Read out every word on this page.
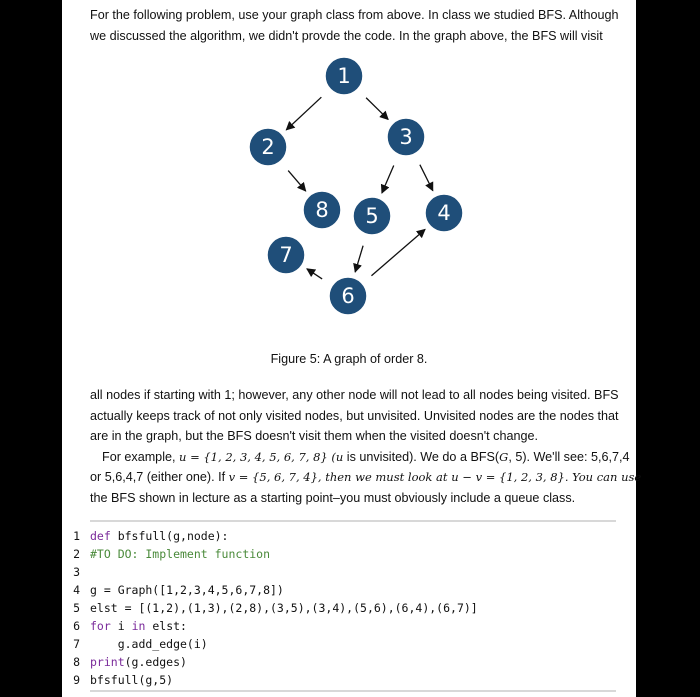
For the following problem, use your graph class from above. In class we studied BFS. Although
we discussed the algorithm, we didn't provde the code. In the graph above, the BFS will visit
1
2	3
4
5
6
7
8
Figure 5: A graph of order 8.
all nodes if starting with 1; however, any other node will not lead to all nodes being visited. BFS
actually keeps track of not only visited nodes, but unvisited. Unvisited nodes are the nodes that
are in the graph, but the BFS doesn't visit them when the visited doesn't change.
For example, u = {1, 2, 3, 4, 5, 6, 7, 8} (u is unvisited). We do a BFS(G, 5). We'll see: 5,6,7,4
or 5,6,4,7 (either one). If v = {5, 6, 7, 4}, then we must look at u − v = {1, 2, 3, 8}. You can use
the BFS shown in lecture as a starting point–you must obviously include a queue class.
1 def bfsfull(g,node):
2 #TO DO: Implement function
3
4 g = Graph([1,2,3,4,5,6,7,8])
5 elst = [(1,2),(1,3),(2,8),(3,5),(3,4),(5,6),(6,4),(6,7)]
6 for i in elst:
7 g.add_edge(i)
8 print(g.edges)
9 bfsfull(g,5)
